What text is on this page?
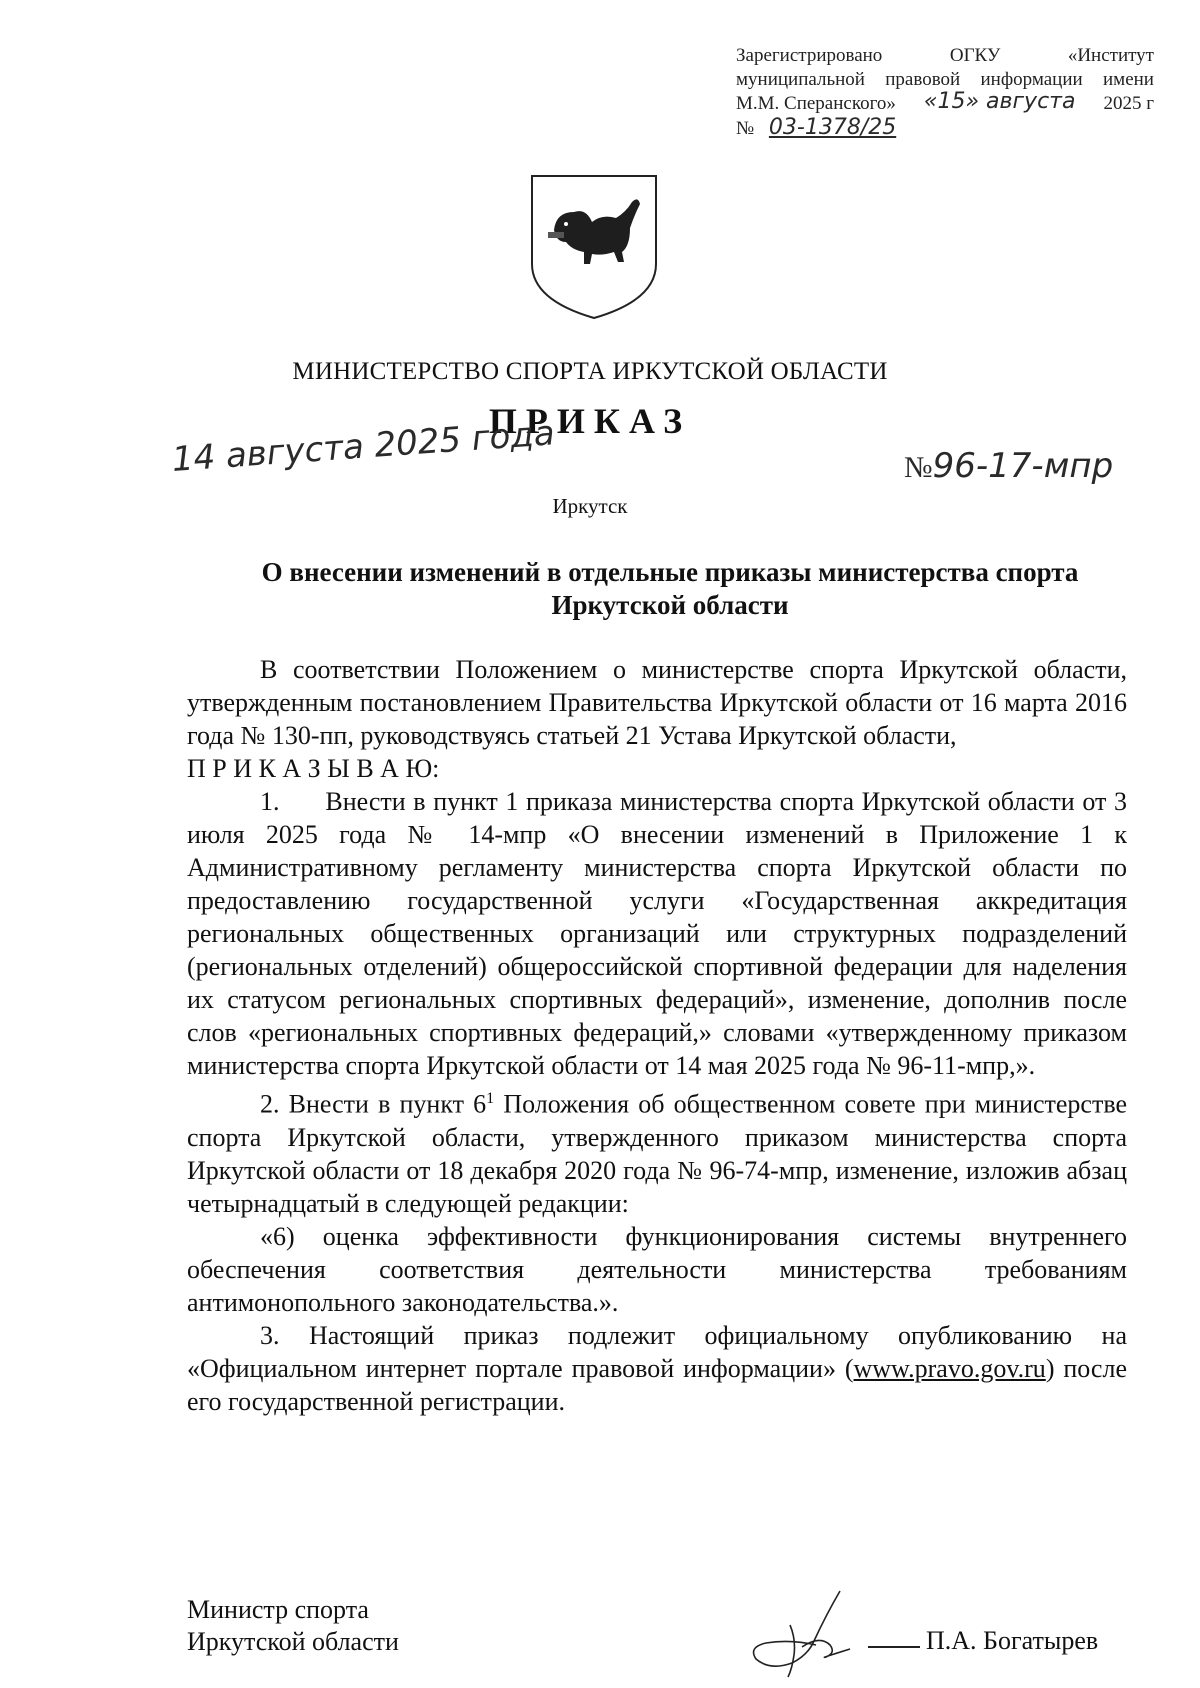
Зарегистрировано	ОГКУ	«Институт
муниципальной правовой информации имени
М.М. Сперанского» «15» августа 2025 г
№ 03-1378/25
МИНИСТЕРСТВО СПОРТА ИРКУТСКОЙ ОБЛАСТИ
ПРИКАЗ
14 августа 2025 года	№96-17-мпр
Иркутск
О внесении изменений в отдельные приказы министерства спорта
Иркутской области

В соответствии Положением о министерстве спорта Иркутской области, утвержденным постановлением Правительства Иркутской области от 16 марта 2016 года № 130-пп, руководствуясь статьей 21 Устава Иркутской области,

П Р И К А З Ы В А Ю:

1. Внести в пункт 1 приказа министерства спорта Иркутской области от 3 июля 2025 года № 14-мпр «О внесении изменений в Приложение 1 к Административному регламенту министерства спорта Иркутской области по предоставлению государственной услуги «Государственная аккредитация региональных общественных организаций или структурных подразделений (региональных отделений) общероссийской спортивной федерации для наделения их статусом региональных спортивных федераций», изменение, дополнив после слов «региональных спортивных федераций,» словами «утвержденному приказом министерства спорта Иркутской области от 14 мая 2025 года № 96-11-мпр,».

2. Внести в пункт $6^1$ Положения об общественном совете при министерстве спорта Иркутской области, утвержденного приказом министерства спорта Иркутской области от 18 декабря 2020 года № 96-74-мпр, изменение, изложив абзац четырнадцатый в следующей редакции:

«6) оценка эффективности функционирования системы внутреннего обеспечения соответствия деятельности министерства требованиям антимонопольного законодательства.».

3. Настоящий приказ подлежит официальному опубликованию на «Официальном интернет портале правовой информации» (www.pravo.gov.ru) после его государственной регистрации.

Министр спорта
Иркутской области	П.А. Богатырев
